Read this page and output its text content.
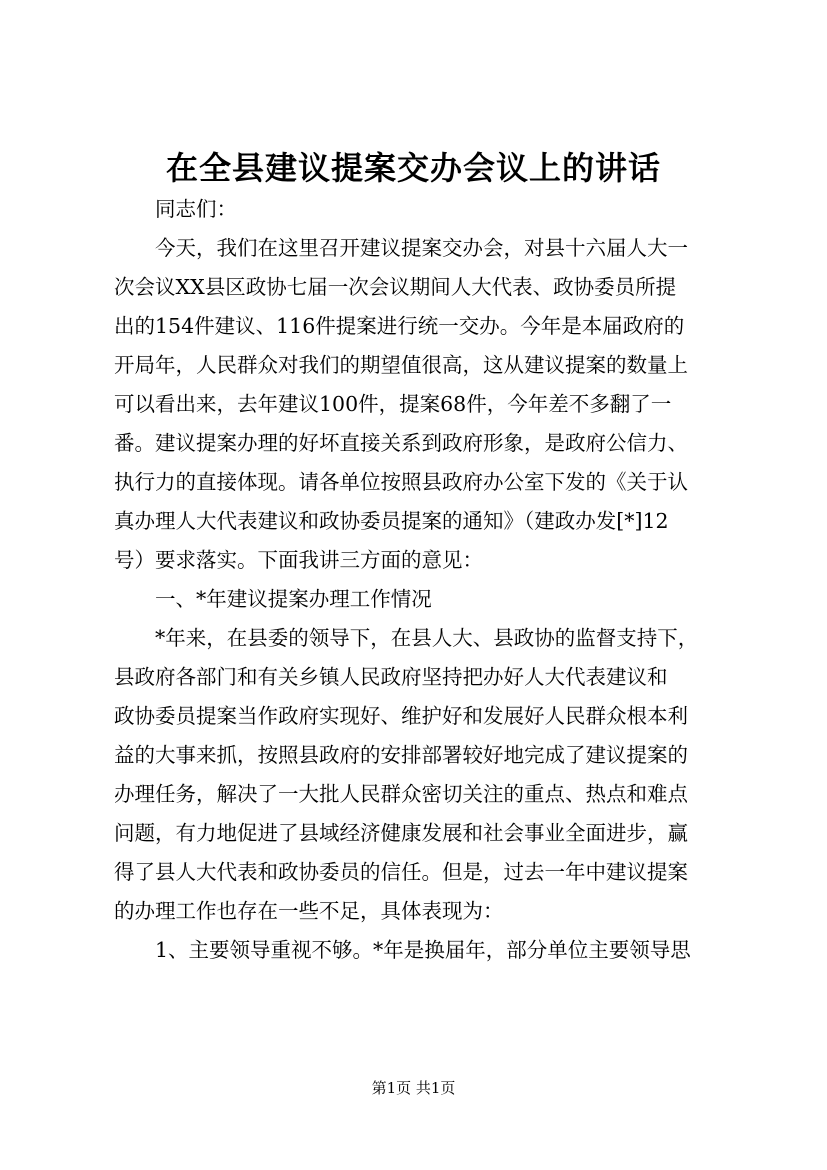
在全县建议提案交办会议上的讲话
同志们：
今天，我们在这里召开建议提案交办会，对县十六届人大一
次会议XX县区政协七届一次会议期间人大代表、政协委员所提
出的154件建议、116件提案进行统一交办。今年是本届政府的
开局年，人民群众对我们的期望值很高，这从建议提案的数量上
可以看出来，去年建议100件，提案68件，今年差不多翻了一
番。建议提案办理的好坏直接关系到政府形象，是政府公信力、
执行力的直接体现。请各单位按照县政府办公室下发的《关于认
真办理人大代表建议和政协委员提案的通知》（建政办发[*]12
号）要求落实。下面我讲三方面的意见：
一、*年建议提案办理工作情况
*年来，在县委的领导下，在县人大、县政协的监督支持下，
县政府各部门和有关乡镇人民政府坚持把办好人大代表建议和
政协委员提案当作政府实现好、维护好和发展好人民群众根本利
益的大事来抓，按照县政府的安排部署较好地完成了建议提案的
办理任务，解决了一大批人民群众密切关注的重点、热点和难点
问题，有力地促进了县域经济健康发展和社会事业全面进步，赢
得了县人大代表和政协委员的信任。但是，过去一年中建议提案
的办理工作也存在一些不足，具体表现为：
1、主要领导重视不够。*年是换届年，部分单位主要领导思
第1页 共1页
